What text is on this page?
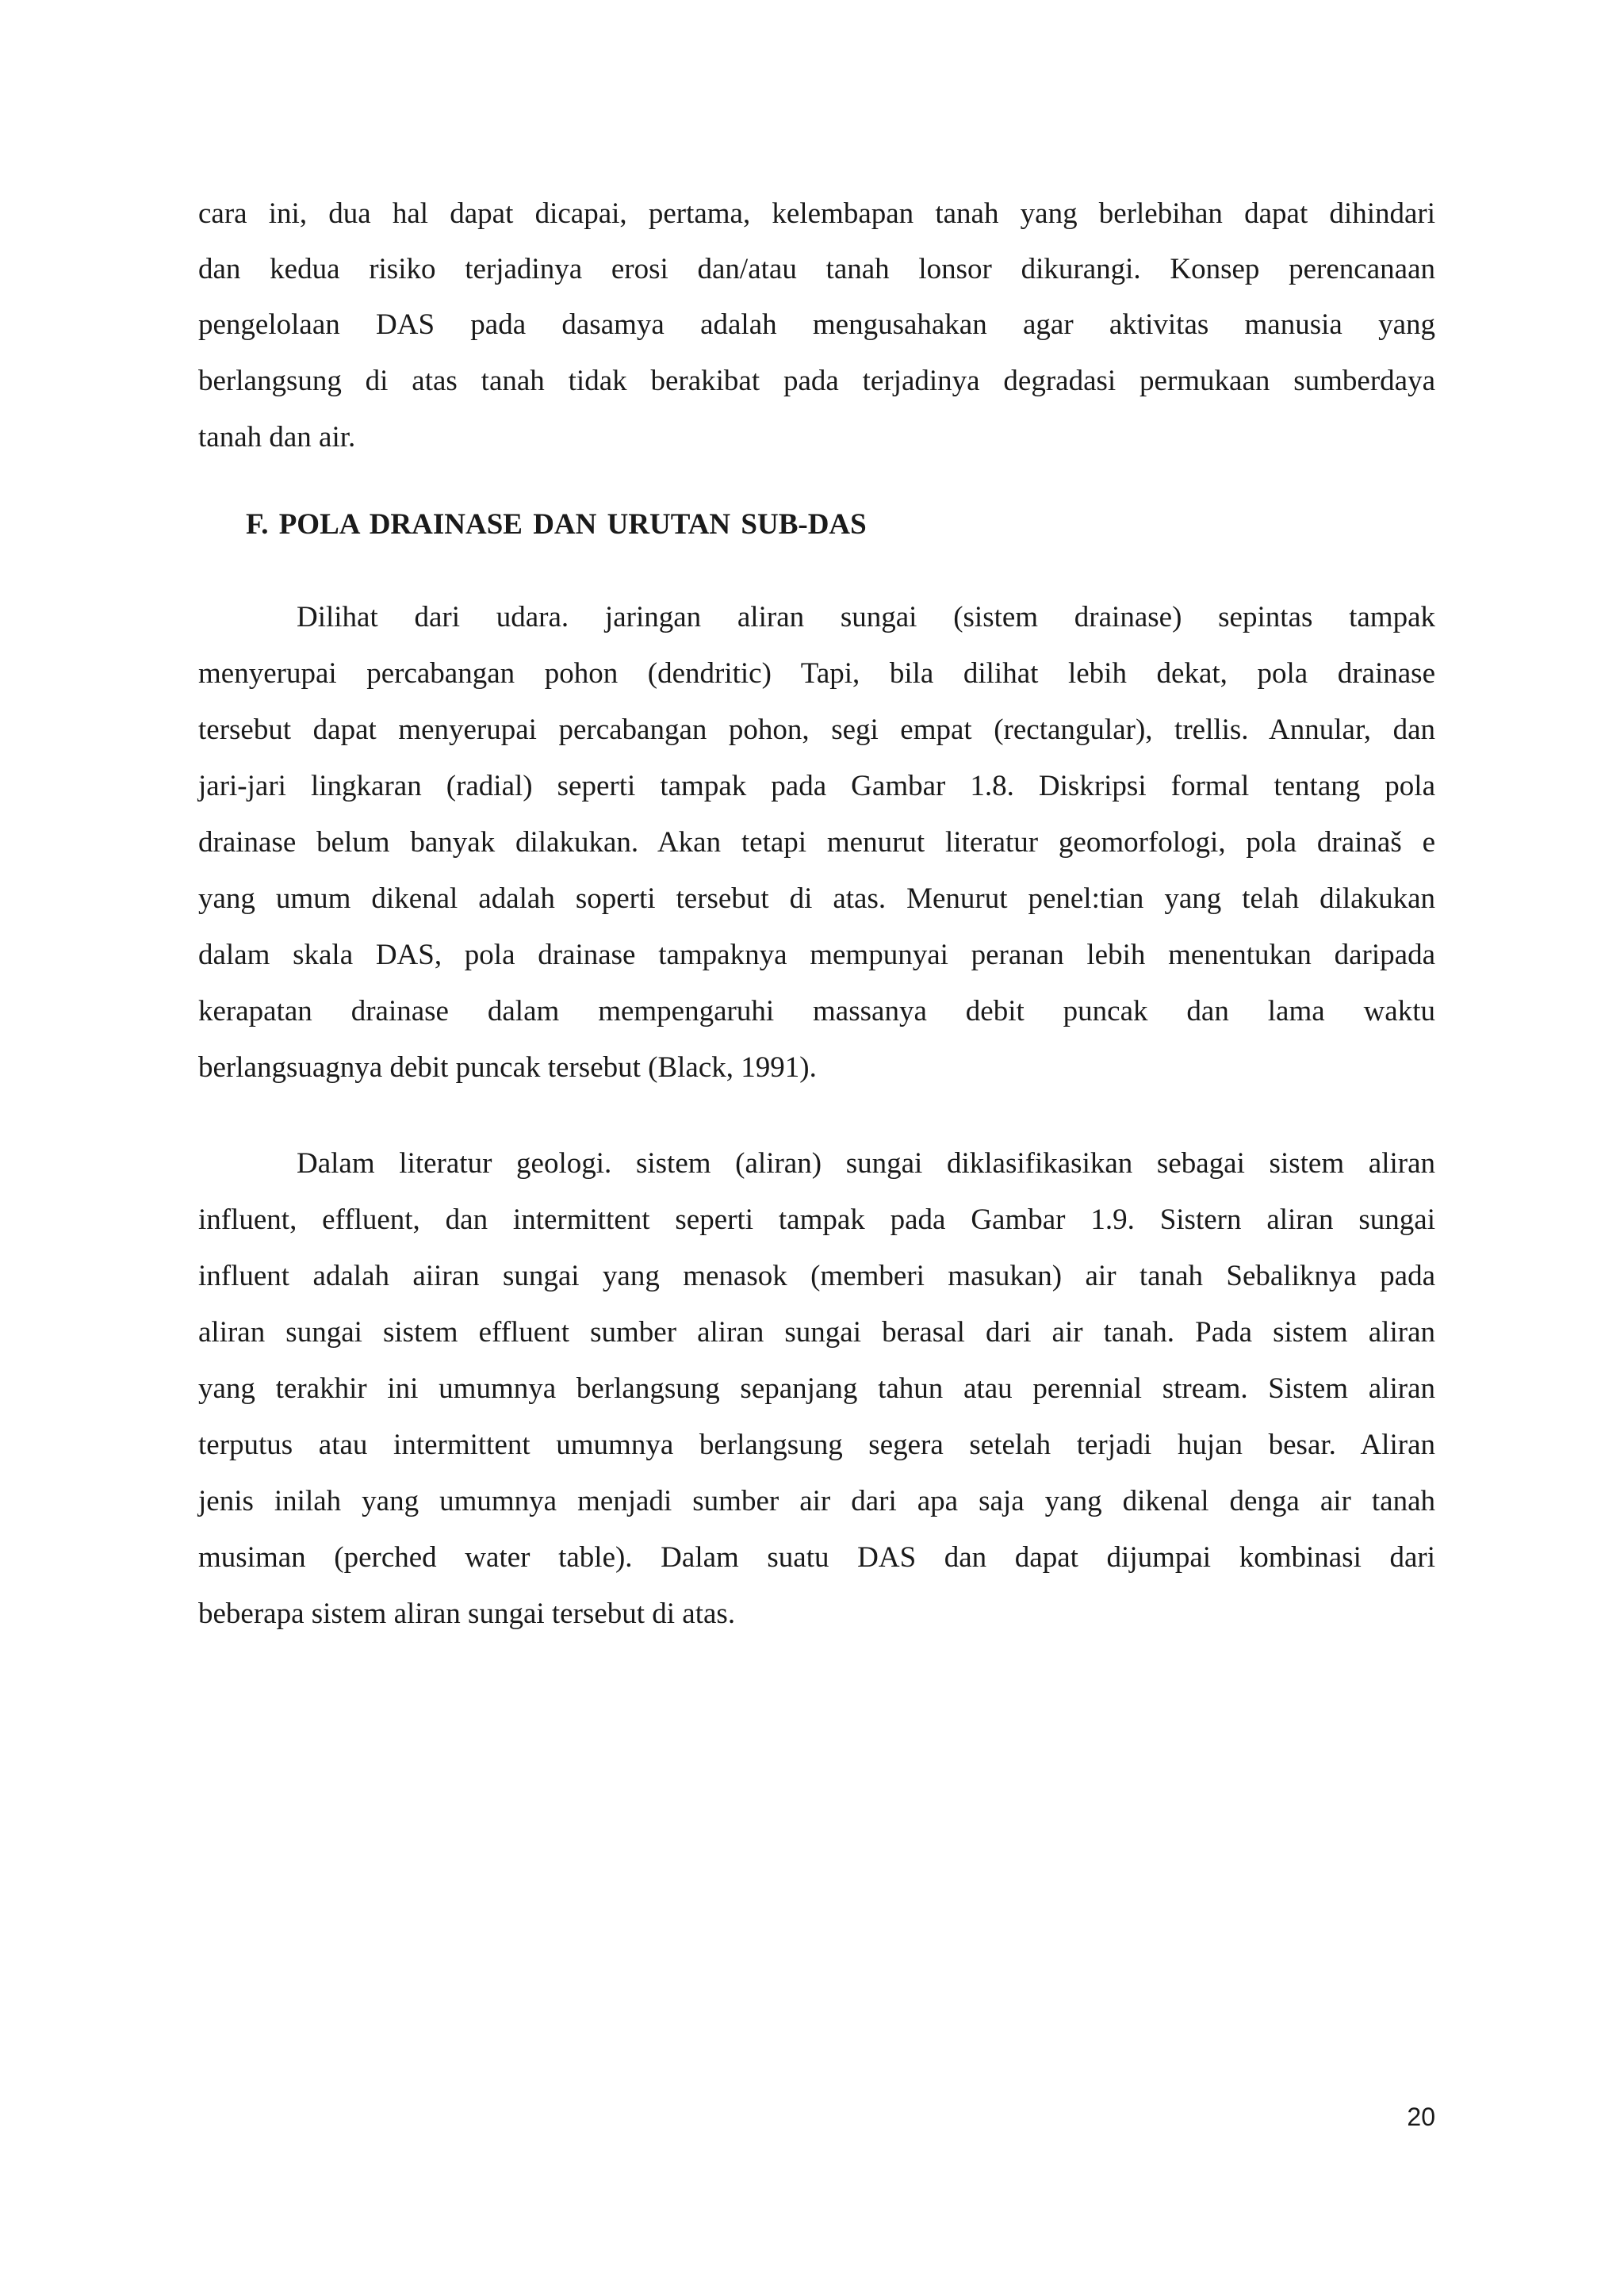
cara ini, dua hal dapat dicapai, pertama, kelembapan tanah yang berlebihan dapat dihindari
dan kedua risiko terjadinya erosi dan/atau tanah lonsor dikurangi. Konsep perencanaan
pengelolaan DAS pada dasamya adalah mengusahakan agar aktivitas manusia yang
berlangsung di atas tanah tidak berakibat pada terjadinya degradasi permukaan sumberdaya
tanah dan air.
F. POLA DRAINASE DAN URUTAN SUB-DAS
Dilihat dari udara. jaringan aliran sungai (sistem drainase) sepintas tampak
menyerupai percabangan pohon (dendritic) Tapi, bila dilihat lebih dekat, pola drainase
tersebut dapat menyerupai percabangan pohon, segi empat (rectangular), trellis. Annular, dan
jari-jari lingkaran (radial) seperti tampak pada Gambar 1.8. Diskripsi formal tentang pola
drainase belum banyak dilakukan. Akan tetapi menurut literatur geomorfologi, pola drainaš e
yang umum dikenal adalah soperti tersebut di atas. Menurut penel:tian yang telah dilakukan
dalam skala DAS, pola drainase tampaknya mempunyai peranan lebih menentukan daripada
kerapatan drainase dalam mempengaruhi massanya debit puncak dan lama waktu
berlangsuagnya debit puncak tersebut (Black, 1991).
Dalam literatur geologi. sistem (aliran) sungai diklasifikasikan sebagai sistem aliran
influent, effluent, dan intermittent seperti tampak pada Gambar 1.9. Sistern aliran sungai
influent adalah aiiran sungai yang menasok (memberi masukan) air tanah Sebaliknya pada
aliran sungai sistem effluent sumber aliran sungai berasal dari air tanah. Pada sistem aliran
yang terakhir ini umumnya berlangsung sepanjang tahun atau perennial stream. Sistem aliran
terputus atau intermittent umumnya berlangsung segera setelah terjadi hujan besar. Aliran
jenis inilah yang umumnya menjadi sumber air dari apa saja yang dikenal denga air tanah
musiman (perched water table). Dalam suatu DAS dan dapat dijumpai kombinasi dari
beberapa sistem aliran sungai tersebut di atas.
20
